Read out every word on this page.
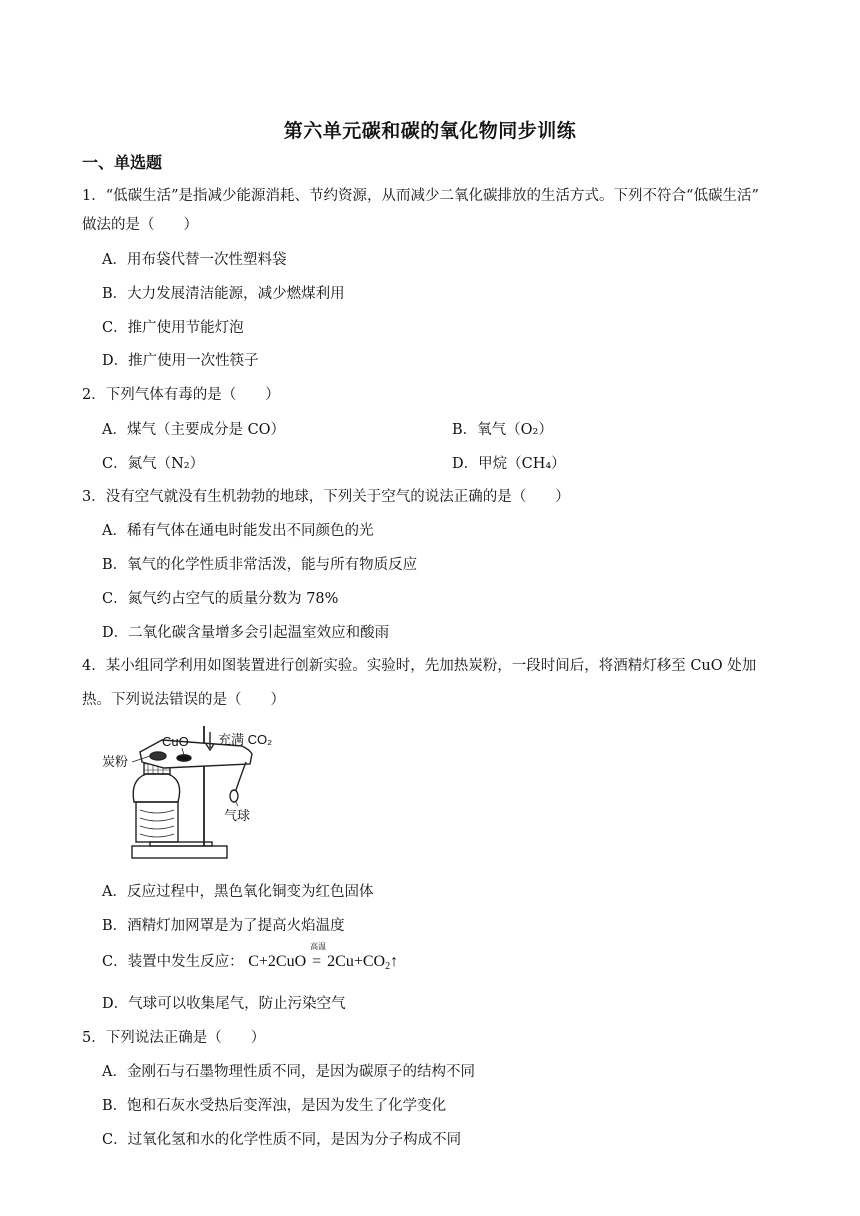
第六单元碳和碳的氧化物同步训练
一、单选题
1．“低碳生活”是指减少能源消耗、节约资源，从而减少二氧化碳排放的生活方式。下列不符合“低碳生活”
做法的是（　　）
A．用布袋代替一次性塑料袋
B．大力发展清洁能源，减少燃煤利用
C．推广使用节能灯泡
D．推广使用一次性筷子
2．下列气体有毒的是（　　）
A．煤气（主要成分是 CO）	B．氧气（O₂）
C．氮气（N₂）	D．甲烷（CH₄）
3．没有空气就没有生机勃勃的地球，下列关于空气的说法正确的是（　　）
A．稀有气体在通电时能发出不同颜色的光
B．氧气的化学性质非常活泼，能与所有物质反应
C．氮气约占空气的质量分数为 78%
D．二氧化碳含量增多会引起温室效应和酸雨
4．某小组同学利用如图装置进行创新实验。实验时，先加热炭粉，一段时间后，将酒精灯移至 CuO 处加
热。下列说法错误的是（　　）
CuO 充满 CO₂
炭粉
气球
A．反应过程中，黑色氧化铜变为红色固体
B．酒精灯加网罩是为了提高火焰温度
C．装置中发生反应： C+2CuO
高温
= $2Cu+CO_2↑$
D．气球可以收集尾气，防止污染空气
5．下列说法正确是（　　）
A．金刚石与石墨物理性质不同，是因为碳原子的结构不同
B．饱和石灰水受热后变浑浊，是因为发生了化学变化
C．过氧化氢和水的化学性质不同，是因为分子构成不同
